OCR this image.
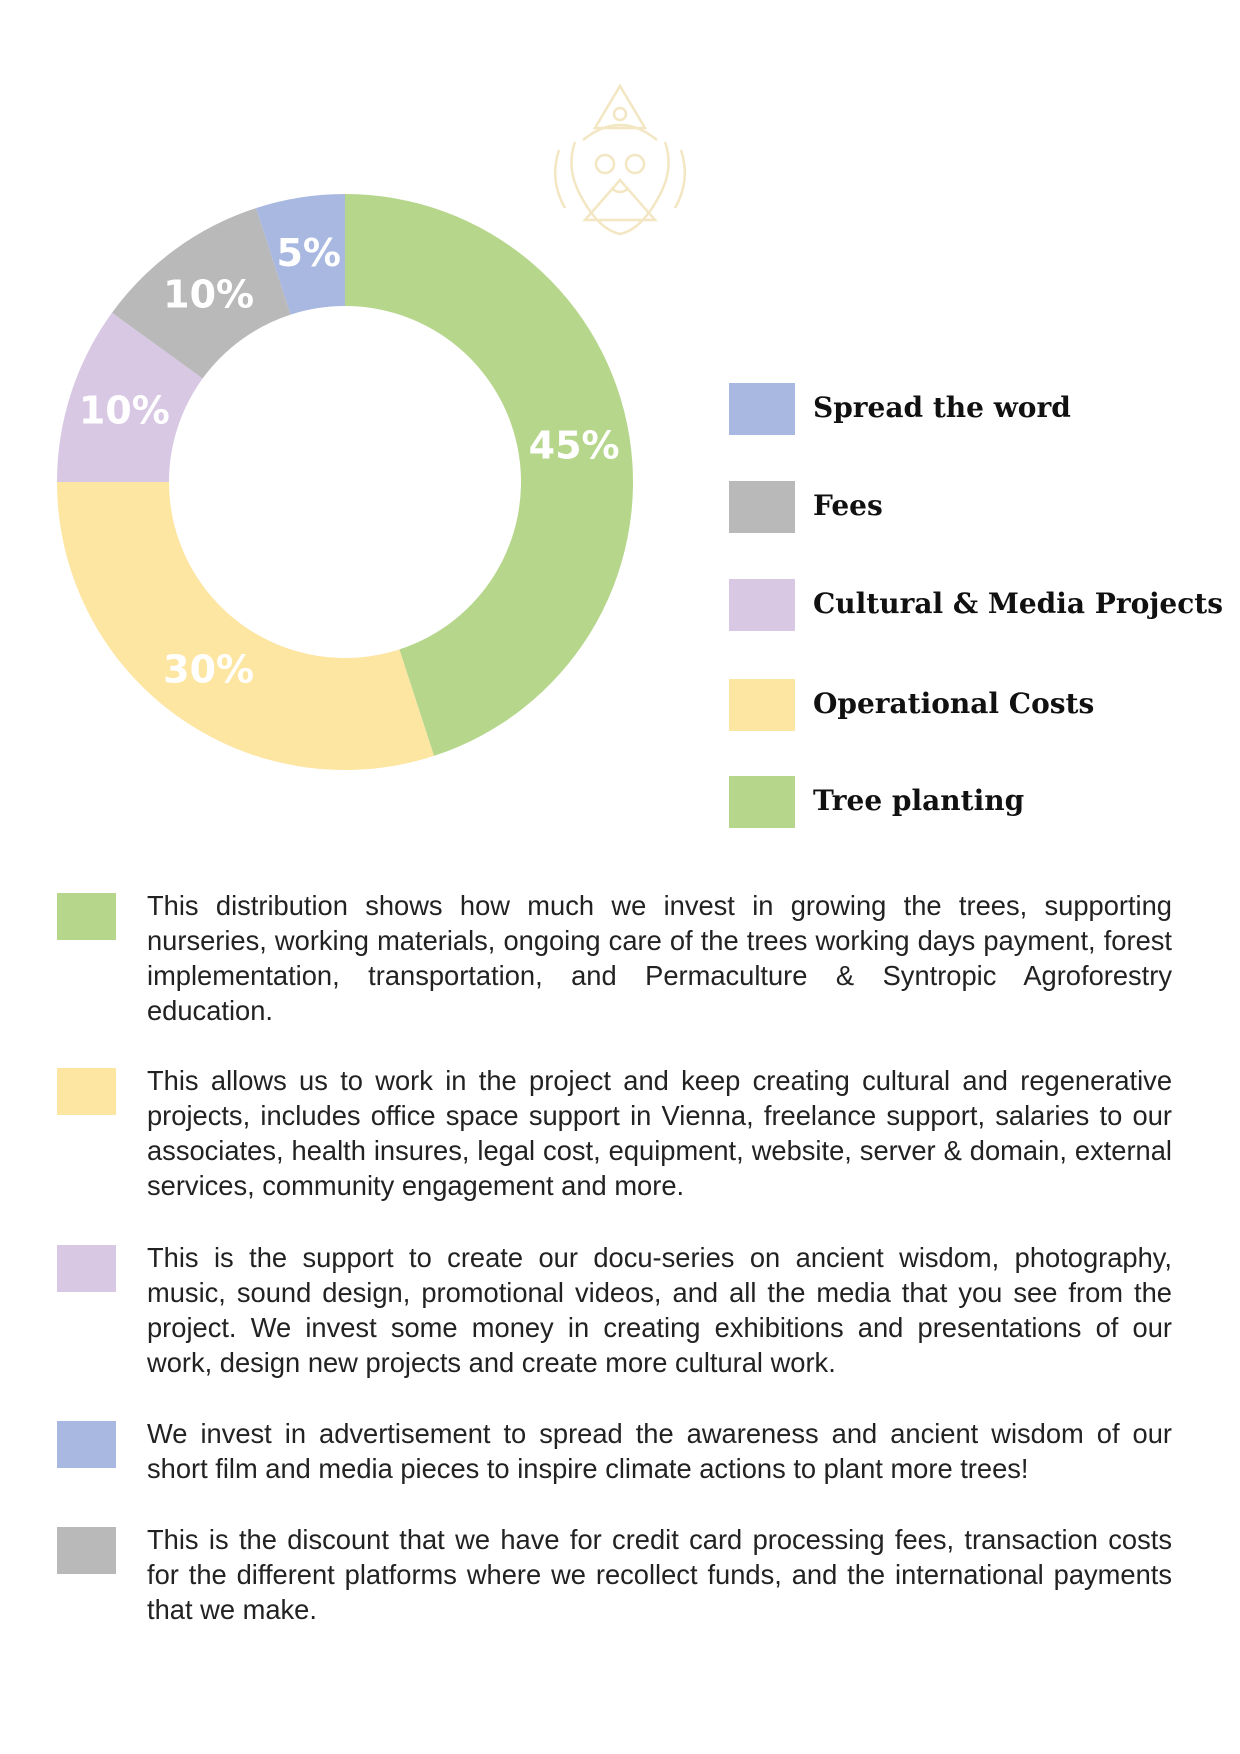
45%
30%
10%
10%
5%
Spread the word
Fees
Cultural & Media Projects
Operational Costs
Tree planting

This distribution shows how much we invest in growing the trees, supporting nurseries, working materials, ongoing care of the trees working days payment, forest implementation, transportation, and Permaculture & Syntropic Agroforestry education.

This allows us to work in the project and keep creating cultural and regenerative projects, includes office space support in Vienna, freelance support, salaries to our associates, health insures, legal cost, equipment, website, server & domain, external services, community engagement and more.

This is the support to create our docu-series on ancient wisdom, photography, music, sound design, promotional videos, and all the media that you see from the project. We invest some money in creating exhibitions and presentations of our work, design new projects and create more cultural work.

We invest in advertisement to spread the awareness and ancient wisdom of our short film and media pieces to inspire climate actions to plant more trees!

This is the discount that we have for credit card processing fees, transaction costs for the different platforms where we recollect funds, and the international payments that we make.
